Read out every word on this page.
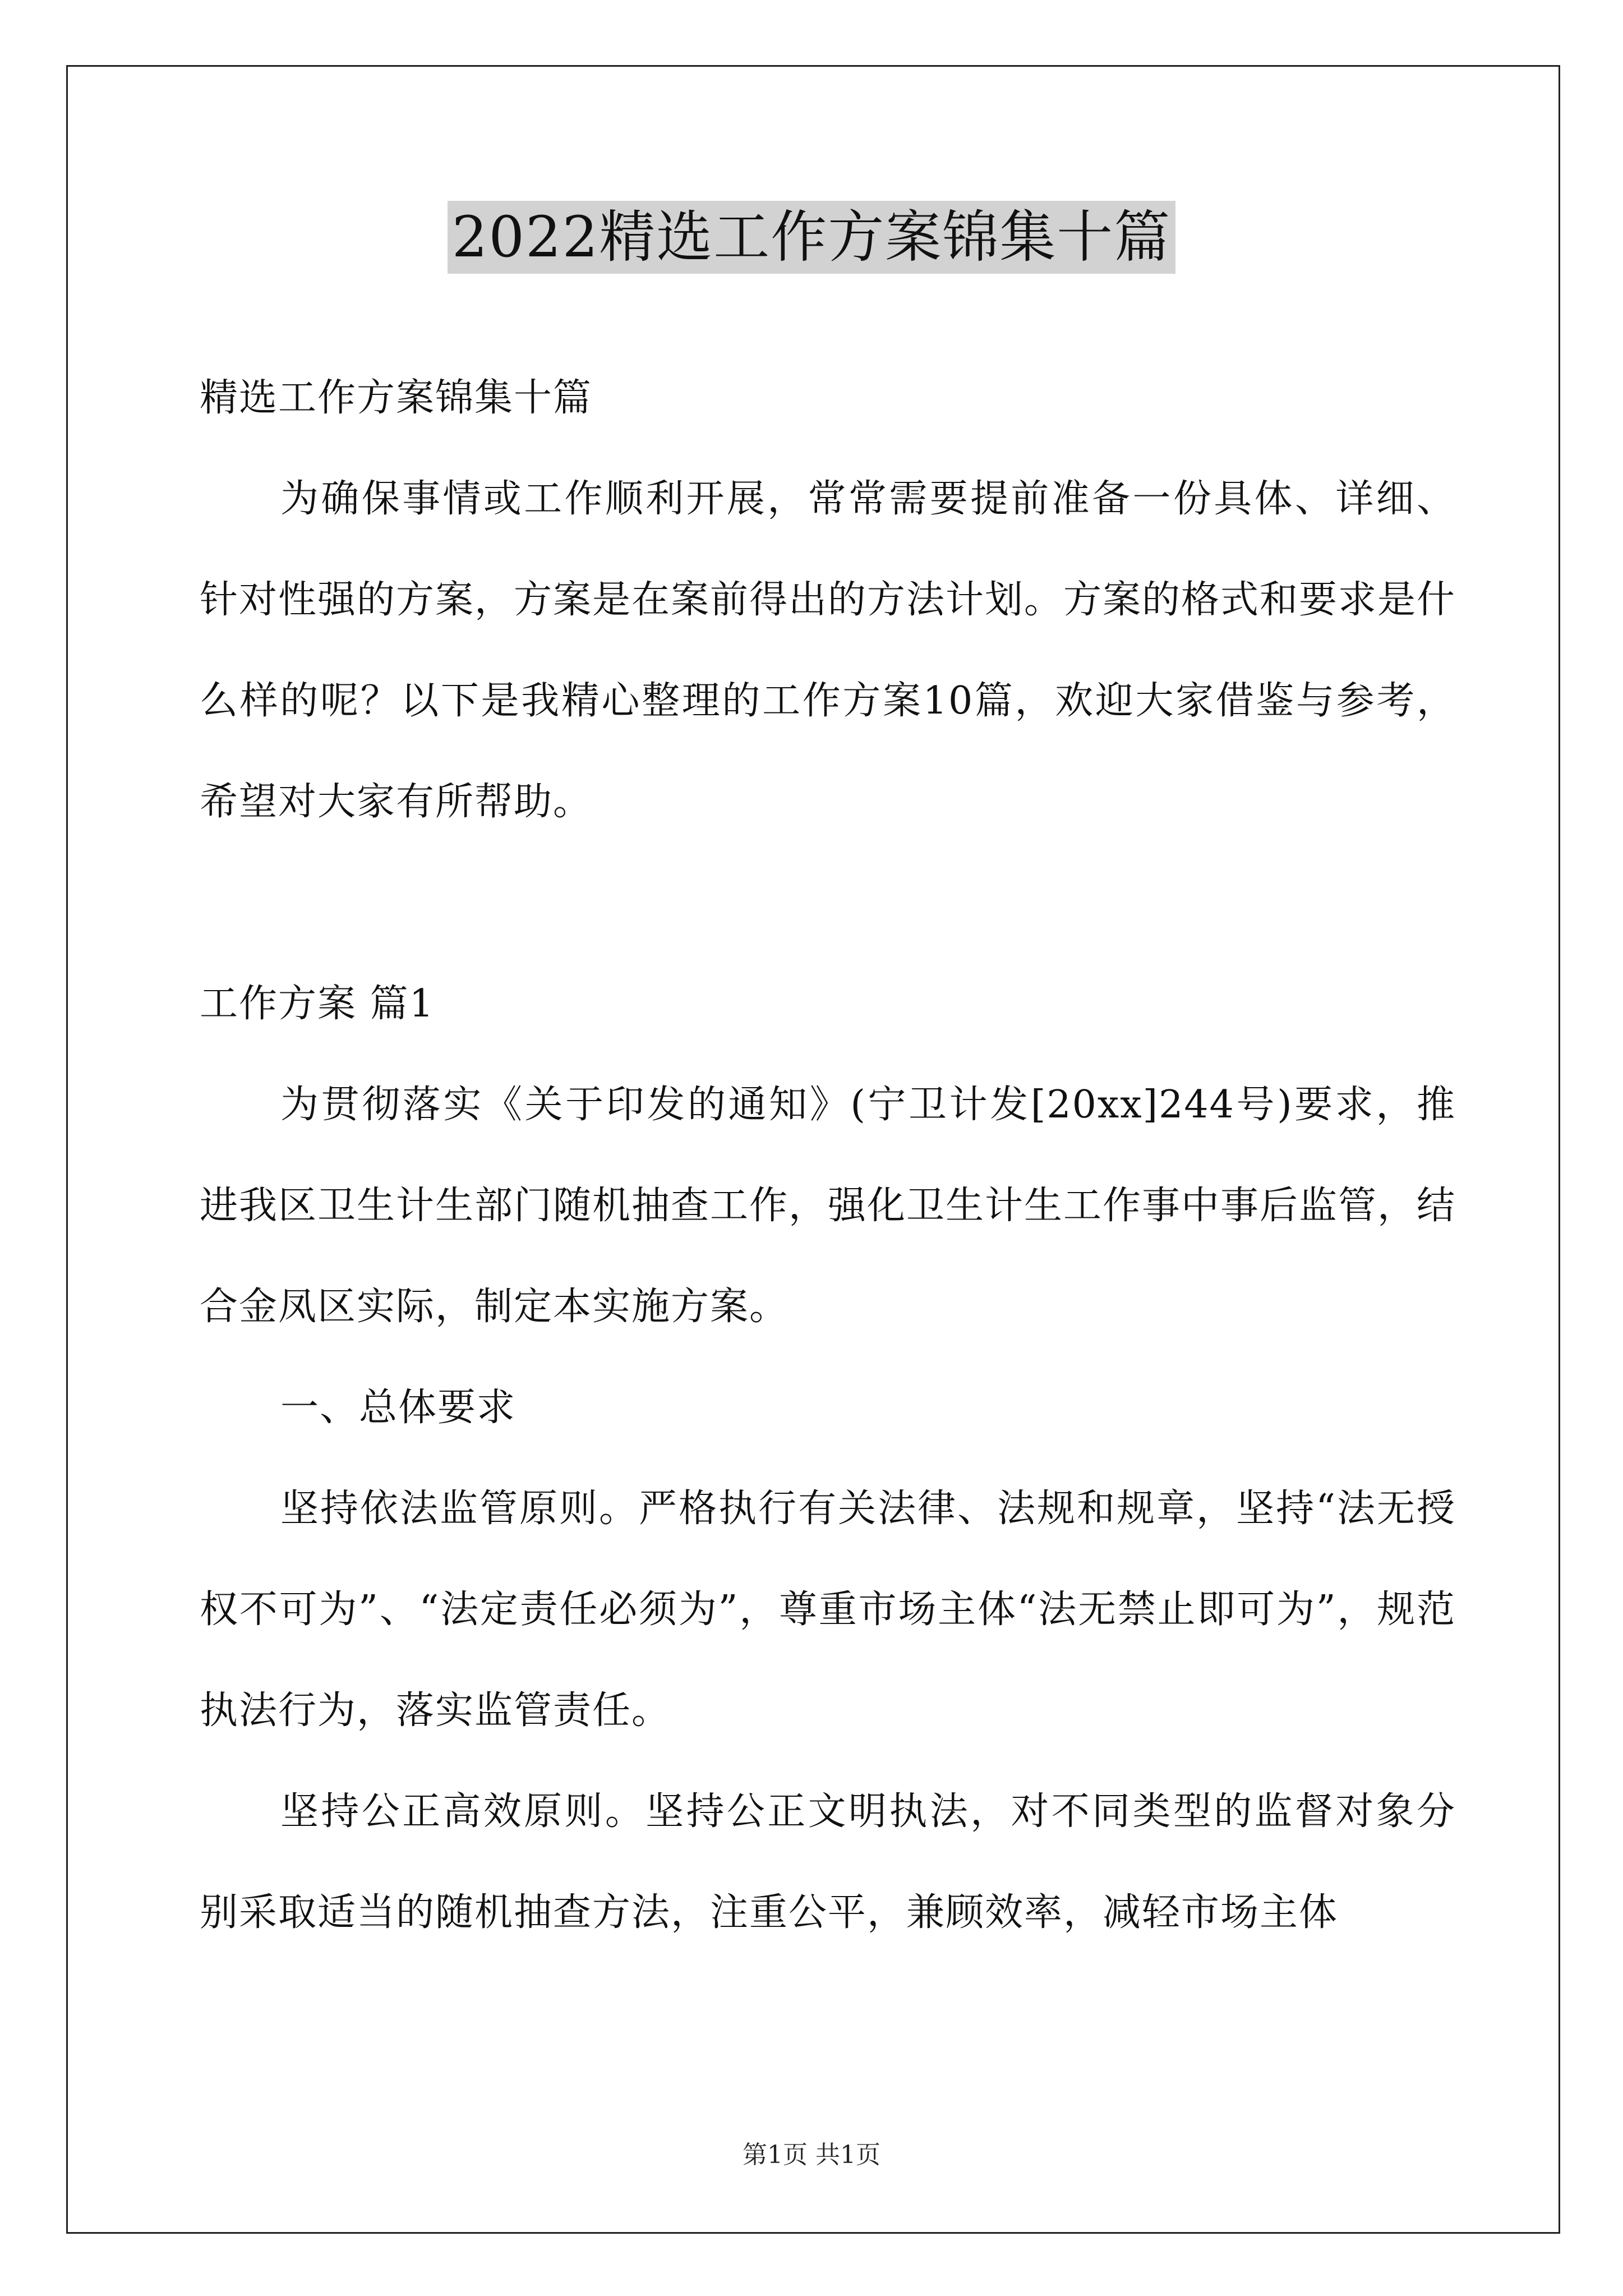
2022精选工作方案锦集十篇

精选工作方案锦集十篇

为确保事情或工作顺利开展，常常需要提前准备一份具体、详细、针对性强的方案，方案是在案前得出的方法计划。方案的格式和要求是什么样的呢？以下是我精心整理的工作方案10篇，欢迎大家借鉴与参考，希望对大家有所帮助。

工作方案 篇1

为贯彻落实《关于印发的通知》(宁卫计发[20xx]244号)要求，推进我区卫生计生部门随机抽查工作，强化卫生计生工作事中事后监管，结合金凤区实际，制定本实施方案。

一、总体要求

坚持依法监管原则。严格执行有关法律、法规和规章，坚持“法无授权不可为”、“法定责任必须为”，尊重市场主体“法无禁止即可为”，规范执法行为，落实监管责任。

坚持公正高效原则。坚持公正文明执法，对不同类型的监督对象分别采取适当的随机抽查方法，注重公平，兼顾效率，减轻市场主体

第1页 共1页
